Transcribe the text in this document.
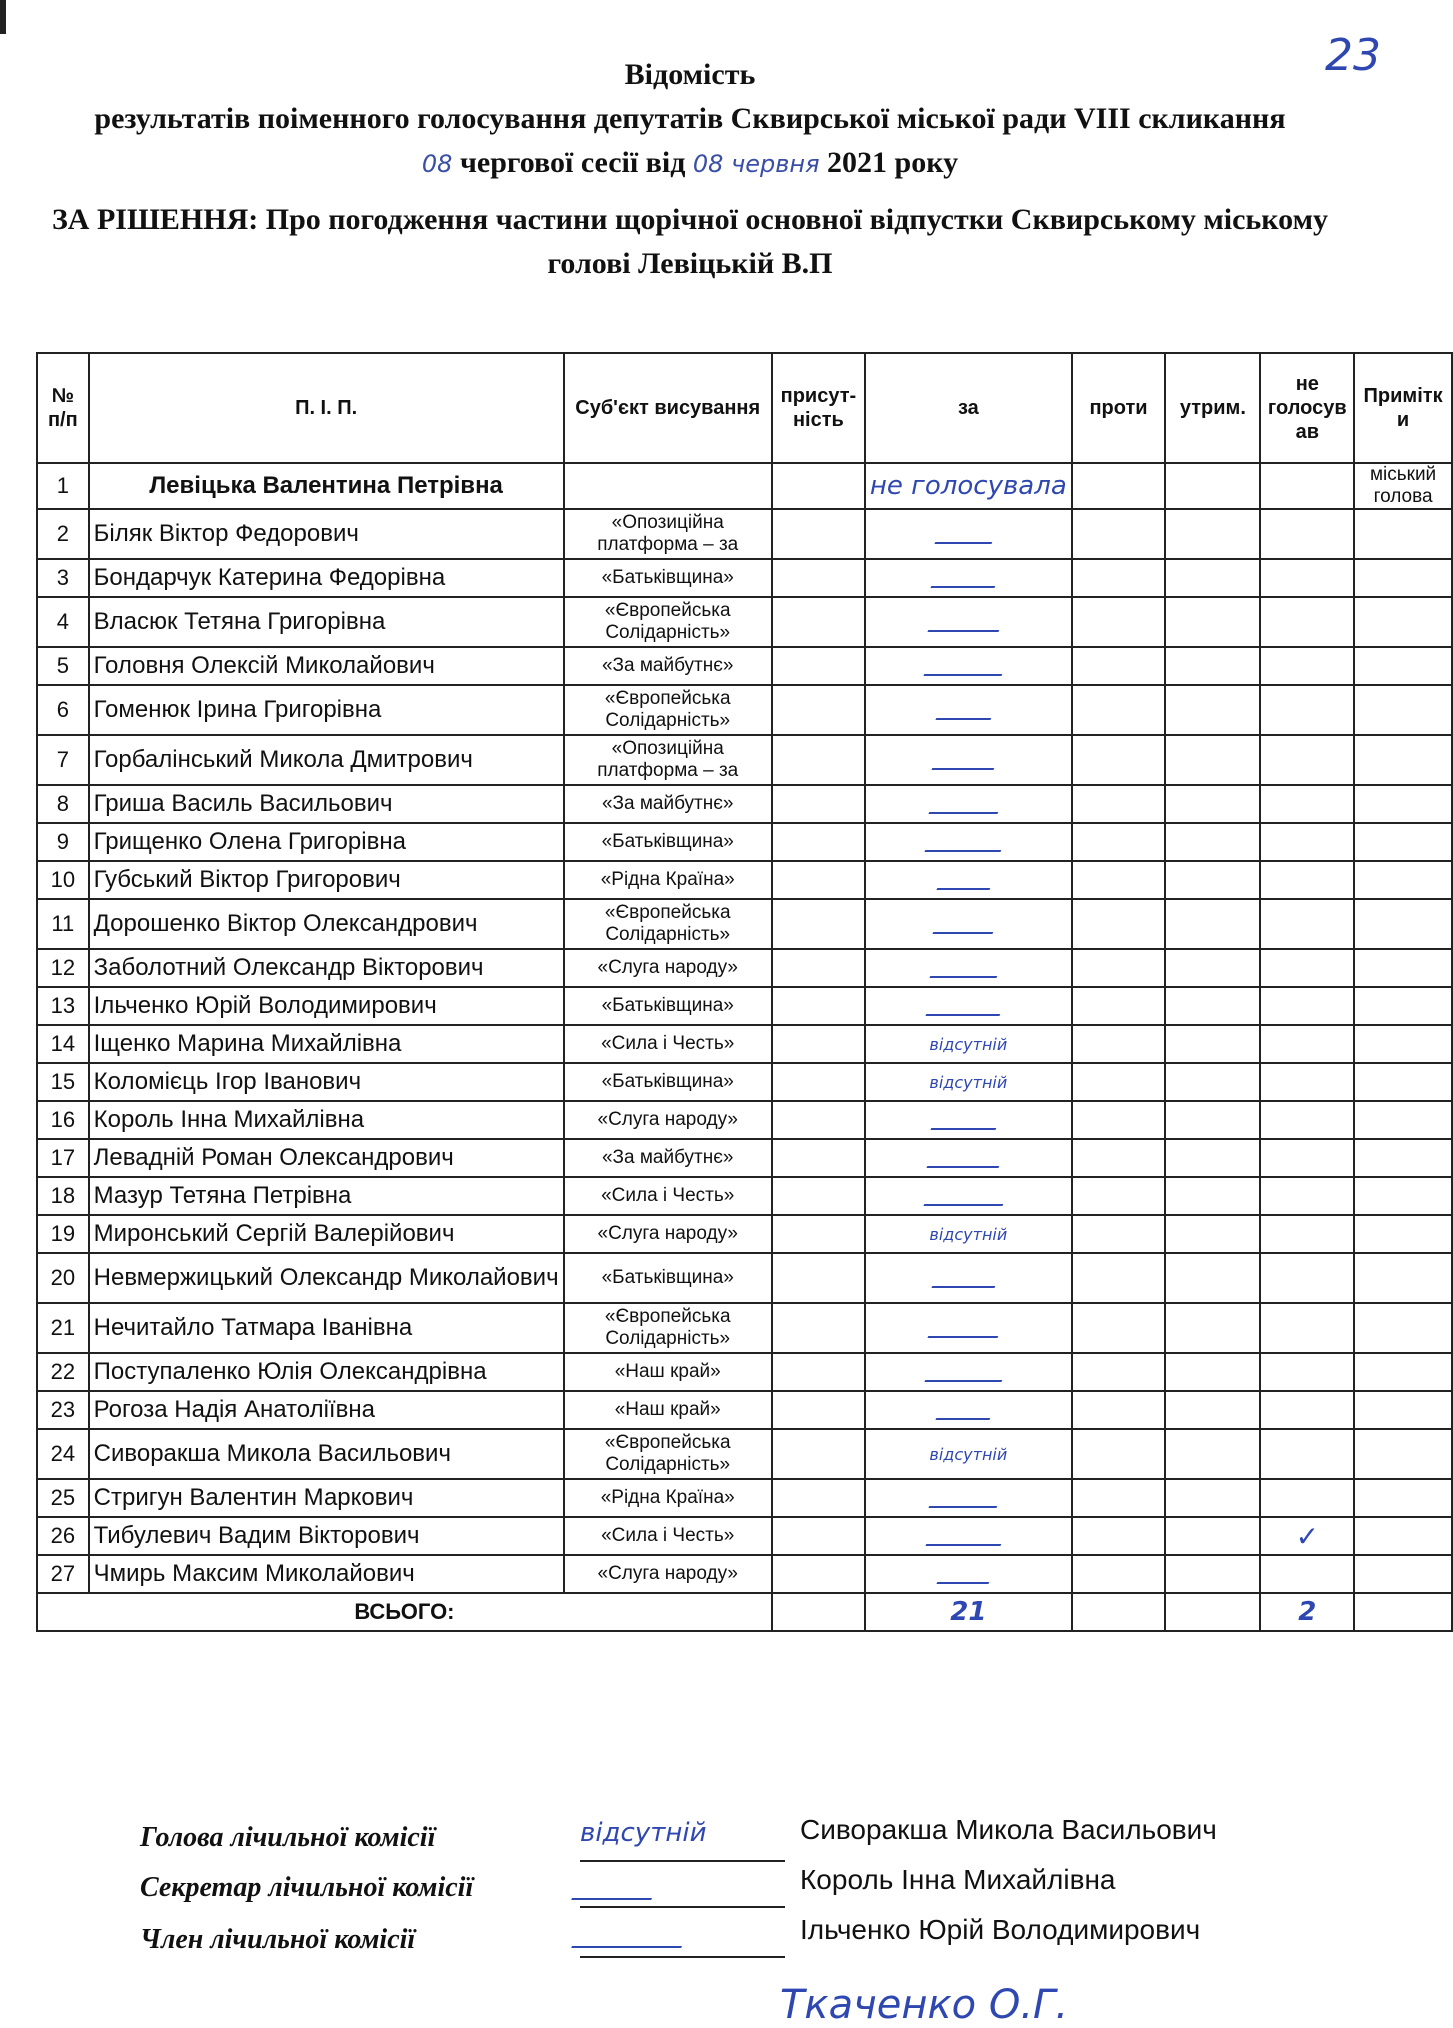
23
Відомість
результатів поіменного голосування депутатів Сквирської міської ради VIII скликання
08 чергової сесії від 08 червня 2021 року
ЗА РІШЕННЯ: Про погодження частини щорічної основної відпустки Сквирському міському голові Левіцькій В.П
№ п/п	П. І. П.	Суб'єкт висування	присут-ність	за	проти	утрим.	не голосув ав	Примітк и
1	Левіцька Валентина Петрівна			не голосувала				міський голова
2	Біляк Віктор Федорович	«Опозиційна платформа – за						
3	Бондарчук Катерина Федорівна	«Батьківщина»						
4	Власюк Тетяна Григорівна	«Європейська Солідарність»						
5	Головня Олексій Миколайович	«За майбутнє»						
6	Гоменюк Ірина Григорівна	«Європейська Солідарність»						
7	Горбалінський Микола Дмитрович	«Опозиційна платформа – за						
8	Гриша Василь Васильович	«За майбутнє»						
9	Грищенко Олена Григорівна	«Батьківщина»						
10	Губський Віктор Григорович	«Рідна Країна»						
11	Дорошенко Віктор Олександрович	«Європейська Солідарність»						
12	Заболотний Олександр Вікторович	«Слуга народу»						
13	Ільченко Юрій Володимирович	«Батьківщина»						
14	Іщенко Марина Михайлівна	«Сила і Честь»		відсутній				
15	Коломієць Ігор Іванович	«Батьківщина»		відсутній				
16	Король Інна Михайлівна	«Слуга народу»						
17	Левадній Роман Олександрович	«За майбутнє»						
18	Мазур Тетяна Петрівна	«Сила і Честь»						
19	Миронський Сергій Валерійович	«Слуга народу»		відсутній				
20	Невмержицький Олександр Миколайович	«Батьківщина»						
21	Нечитайло Татмара Іванівна	«Європейська Солідарність»						
22	Поступаленко Юлія Олександрівна	«Наш край»						
23	Рогоза Надія Анатоліївна	«Наш край»						
24	Сиворакша Микола Васильович	«Європейська Солідарність»		відсутній				
25	Стригун Валентин Маркович	«Рідна Країна»						
26	Тибулевич Вадим Вікторович	«Сила і Честь»					✓	
27	Чмирь Максим Миколайович	«Слуга народу»						
ВСЬОГО:				21			2	
Голова лічильної комісії	відсутній	Сиворакша Микола Васильович
Секретар лічильної комісії	Король Інна Михайлівна
Член лічильної комісії	Ільченко Юрій Володимирович
Ткаченко О.Г.
